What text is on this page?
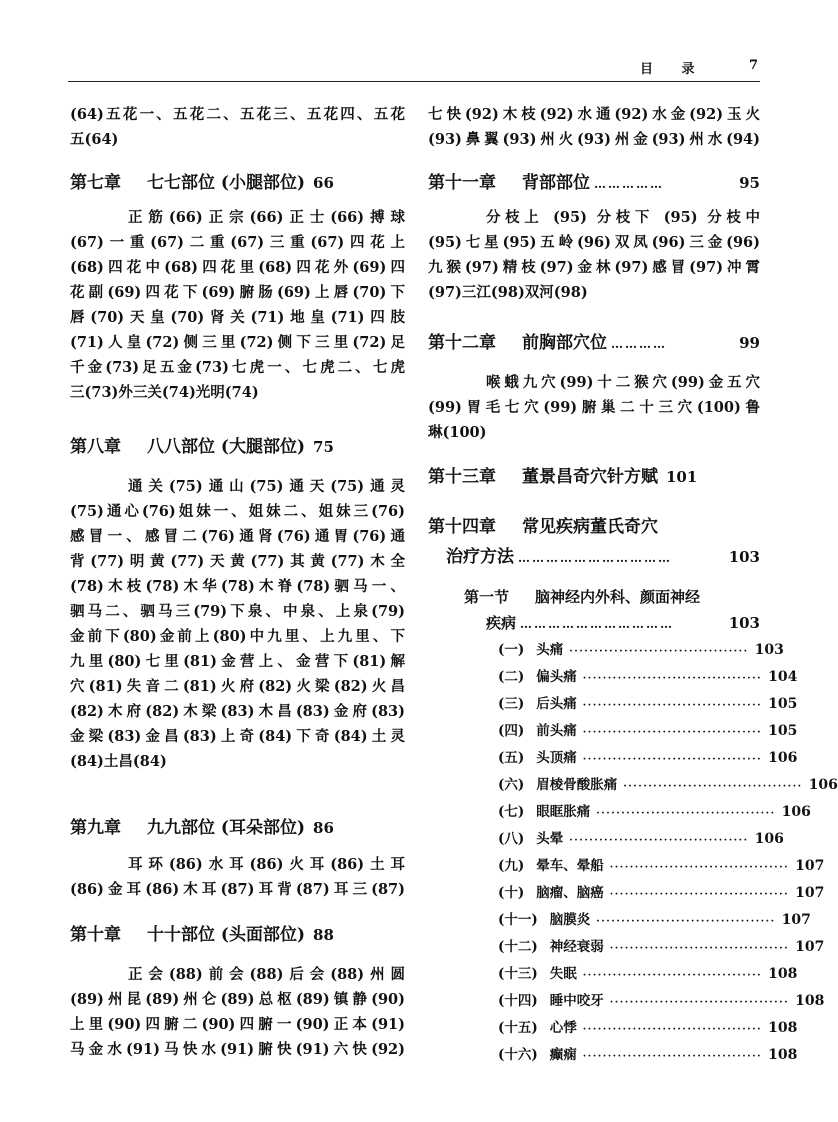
目 录	7
(64)五花一、五花二、五花三、五花四、五花
五(64)
第七章 七七部位 (小腿部位) 66
正筋(66)正宗(66)正士(66)搏球
(67)一重(67)二重(67)三重(67)四花上
(68)四花中(68)四花里(68)四花外(69)四
花副(69)四花下(69)腑肠(69)上唇(70)下
唇(70)天皇(70)肾关(71)地皇(71)四肢
(71)人皇(72)侧三里(72)侧下三里(72)足
千金(73)足五金(73)七虎一、七虎二、七虎
三(73)外三关(74)光明(74)
第八章 八八部位 (大腿部位) 75
通关(75)通山(75)通天(75)通灵
(75)通心(76)姐妹一、姐妹二、姐妹三(76)
感冒一、感冒二(76)通肾(76)通胃(76)通
背(77)明黄(77)天黄(77)其黄(77)木全
(78)木枝(78)木华(78)木脊(78)驷马一、
驷马二、驷马三(79)下泉、中泉、上泉(79)
金前下(80)金前上(80)中九里、上九里、下
九里(80)七里(81)金营上、金营下(81)解
穴(81)失音二(81)火府(82)火梁(82)火昌
(82)木府(82)木梁(83)木昌(83)金府(83)
金梁(83)金昌(83)上奇(84)下奇(84)土灵
(84)土昌(84)
第九章 九九部位 (耳朵部位) 86
耳环(86)水耳(86)火耳(86)土耳
(86)金耳(86)木耳(87)耳背(87)耳三(87)
第十章 十十部位 (头面部位) 88
正会(88)前会(88)后会(88)州圆
(89)州昆(89)州仑(89)总枢(89)镇静(90)
上里(90)四腑二(90)四腑一(90)正本(91)
马金水(91)马快水(91)腑快(91)六快(92)
七快(92)木枝(92)水通(92)水金(92)玉火
(93)鼻翼(93)州火(93)州金(93)州水(94)
第十一章 背部部位 ……………	95
分枝上 (95) 分枝下 (95) 分枝中
(95)七星(95)五岭(96)双凤(96)三金(96)
九猴(97)精枝(97)金林(97)感冒(97)冲霄
(97)三江(98)双河(98)
第十二章 前胸部穴位 …………	99
喉蛾九穴(99)十二猴穴(99)金五穴
(99)胃毛七穴(99)腑巢二十三穴(100)鲁
琳(100)
第十三章 董景昌奇穴针方赋 101
第十四章 常见疾病董氏奇穴
治疗方法 ……………………………	103
第一节 脑神经内外科、颜面神经
疾病 ……………………………	103
(一) 头痛 ···································· 103
(二) 偏头痛 ···································· 104
(三) 后头痛 ···································· 105
(四) 前头痛 ···································· 105
(五) 头顶痛 ···································· 106
(六) 眉棱骨酸胀痛 ···································· 106
(七) 眼眶胀痛 ···································· 106
(八) 头晕 ···································· 106
(九) 晕车、晕船 ···································· 107
(十) 脑瘤、脑癌 ···································· 107
(十一) 脑膜炎 ···································· 107
(十二) 神经衰弱 ···································· 107
(十三) 失眠 ···································· 108
(十四) 睡中咬牙 ···································· 108
(十五) 心悸 ···································· 108
(十六) 癫痫 ···································· 108
